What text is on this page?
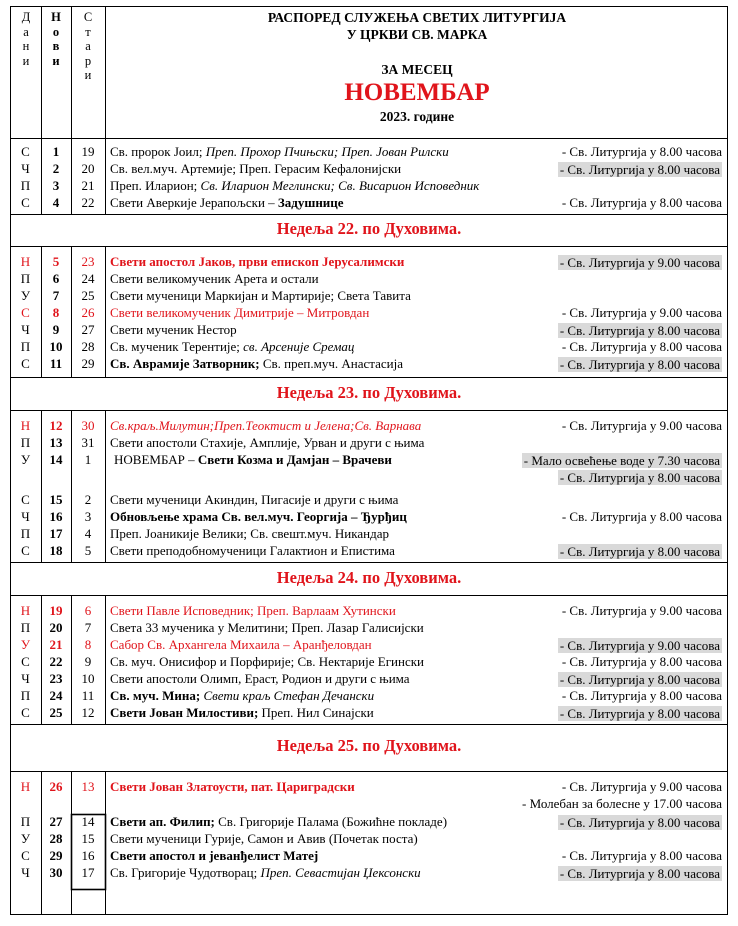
Д
а
н
и
Н
о
в
и
С
т
а
р
и
РАСПОРЕД СЛУЖЕЊА СВЕТИХ ЛИТУРГИЈА
У ЦРКВИ СВ. МАРКА
ЗА МЕСЕЦ
НОВЕМБАР
2023. године
Недеља 22. по Духовима.
Недеља 23. по Духовима.
Недеља 24. по Духовима.
Недеља 25. по Духовима.
С	1	19	Св. пророк Јоил; Преп. Прохор Пчињски; Преп. Јован Рилски	- Св. Литургија у 8.00 часова
Ч	2	20	Св. вел.муч. Артемије; Преп. Герасим Кефалонијски	- Св. Литургија у 8.00 часова
П	3	21	Преп. Иларион; Св. Иларион Меглински; Св. Висарион Исповедник
С	4	22	Свети Аверкије Јерапољски – Задушнице	- Св. Литургија у 8.00 часова
Н	5	23	Свети апостол Јаков, први епископ Јерусалимски	- Св. Литургија у 9.00 часова
П	6	24	Свети великомученик Арета и остали
У	7	25	Свети мученици Маркијан и Мартирије; Света Тавита
С	8	26	Свети великомученик Димитрије – Митровдан	- Св. Литургија у 9.00 часова
Ч	9	27	Свети мученик Нестор	- Св. Литургија у 8.00 часова
П	10	28	Св. мученик Терентије; св. Арсеније Сремац	- Св. Литургија у 8.00 часова
С	11	29	Св. Аврамије Затворник; Св. преп.муч. Анастасија	- Св. Литургија у 8.00 часова
Н	12	30	Св.краљ.Милутин;Преп.Теоктист и Јелена;Св. Варнава	- Св. Литургија у 9.00 часова
П	13	31	Свети апостоли Стахије, Амплије, Урван и други с њима
У	14	1	НОВЕМБАР – Свети Козма и Дамјан – Врачеви	- Мало освећење воде у 7.30 часова
- Св. Литургија у 8.00 часова
С	15	2	Свети мученици Акиндин, Пигасије и други с њима
Ч	16	3	Обновљење храма Св. вел.муч. Георгија – Ђурђиц	- Св. Литургија у 8.00 часова
П	17	4	Преп. Јоаникије Велики; Св. свешт.муч. Никандар
С	18	5	Свети преподобномученици Галактион и Епистима	- Св. Литургија у 8.00 часова
Н	19	6	Свети Павле Исповедник; Преп. Варлаам Хутински	- Св. Литургија у 9.00 часова
П	20	7	Света 33 мученика у Мелитини; Преп. Лазар Галисијски
У	21	8	Сабор Св. Архангела Михаила – Аранђеловдан	- Св. Литургија у 9.00 часова
С	22	9	Св. муч. Онисифор и Порфирије; Св. Нектарије Егински	- Св. Литургија у 8.00 часова
Ч	23	10	Свети апостоли Олимп, Ераст, Родион и други с њима	- Св. Литургија у 8.00 часова
П	24	11	Св. муч. Мина; Свети краљ Стефан Дечански	- Св. Литургија у 8.00 часова
С	25	12	Свети Јован Милостиви; Преп. Нил Синајски	- Св. Литургија у 8.00 часова
Н	26	13	Свети Јован Златоусти, пат. Цариградски	- Св. Литургија у 9.00 часова
- Молебан за болесне у 17.00 часова
П	27	14	Свети ап. Филип; Св. Григорије Палама (Божићне покладе)	- Св. Литургија у 8.00 часова
У	28	15	Свети мученици Гурије, Самон и Авив (Почетак поста)
С	29	16	Свети апостол и јеванђелист Матеј	- Св. Литургија у 8.00 часова
Ч	30	17	Св. Григорије Чудотворац; Преп. Севастијан Џексонски	- Св. Литургија у 8.00 часова
